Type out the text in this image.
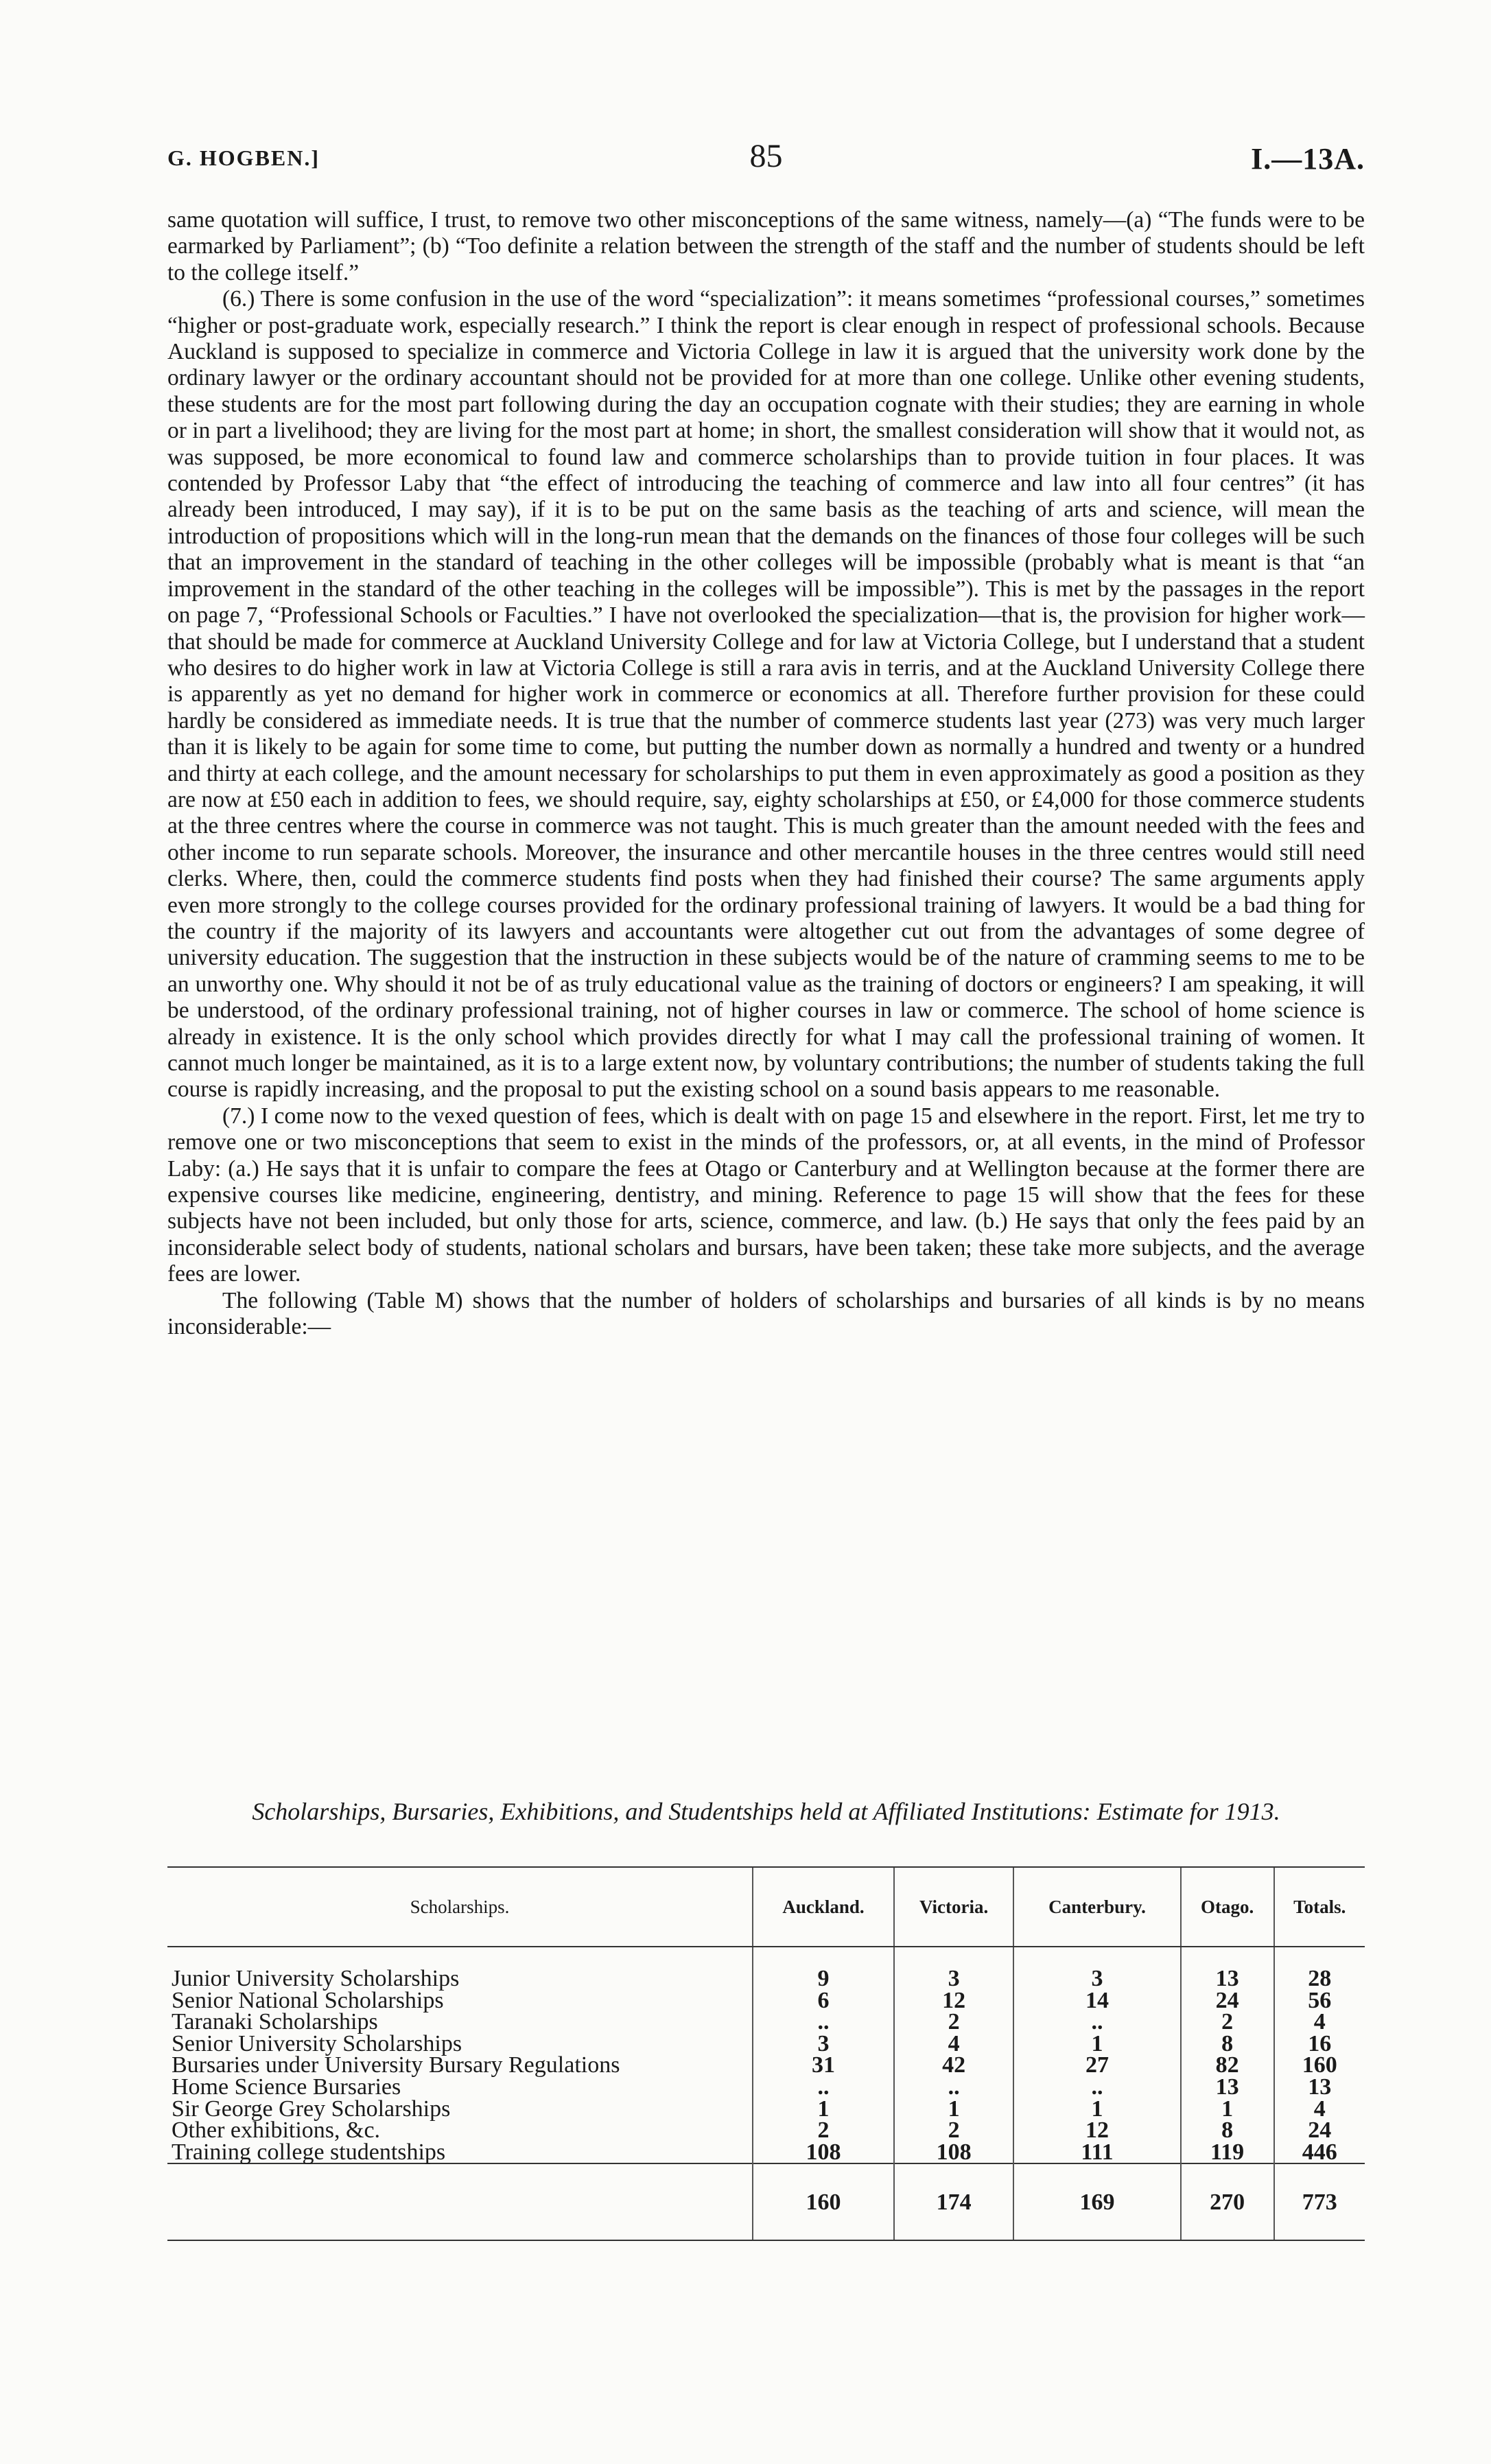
G. HOGBEN.]	85	I.—13A.

same quotation will suffice, I trust, to remove two other misconceptions of the same witness, namely—(a) “The funds were to be earmarked by Parliament”; (b) “Too definite a relation between the strength of the staff and the number of students should be left to the college itself.”

(6.) There is some confusion in the use of the word “specialization”: it means sometimes “professional courses,” sometimes “higher or post-graduate work, especially research.” I think the report is clear enough in respect of professional schools. Because Auckland is supposed to specialize in commerce and Victoria College in law it is argued that the university work done by the ordinary lawyer or the ordinary accountant should not be provided for at more than one college. Unlike other evening students, these students are for the most part following during the day an occupation cognate with their studies; they are earning in whole or in part a livelihood; they are living for the most part at home; in short, the smallest consideration will show that it would not, as was supposed, be more economical to found law and commerce scholarships than to provide tuition in four places. It was contended by Professor Laby that “the effect of introducing the teaching of commerce and law into all four centres” (it has already been introduced, I may say), if it is to be put on the same basis as the teaching of arts and science, will mean the introduction of propositions which will in the long-run mean that the demands on the finances of those four colleges will be such that an improvement in the standard of teaching in the other colleges will be impossible (probably what is meant is that “an improvement in the standard of the other teaching in the colleges will be impossible”). This is met by the passages in the report on page 7, “Professional Schools or Faculties.” I have not overlooked the specialization—that is, the provision for higher work—that should be made for commerce at Auckland University College and for law at Victoria College, but I understand that a student who desires to do higher work in law at Victoria College is still a rara avis in terris, and at the Auckland University College there is apparently as yet no demand for higher work in commerce or economics at all. Therefore further provision for these could hardly be considered as immediate needs. It is true that the number of commerce students last year (273) was very much larger than it is likely to be again for some time to come, but putting the number down as normally a hundred and twenty or a hundred and thirty at each college, and the amount necessary for scholarships to put them in even approximately as good a position as they are now at £50 each in addition to fees, we should require, say, eighty scholarships at £50, or £4,000 for those commerce students at the three centres where the course in commerce was not taught. This is much greater than the amount needed with the fees and other income to run separate schools. Moreover, the insurance and other mercantile houses in the three centres would still need clerks. Where, then, could the commerce students find posts when they had finished their course? The same arguments apply even more strongly to the college courses provided for the ordinary professional training of lawyers. It would be a bad thing for the country if the majority of its lawyers and accountants were altogether cut out from the advantages of some degree of university education. The suggestion that the instruction in these subjects would be of the nature of cramming seems to me to be an unworthy one. Why should it not be of as truly educational value as the training of doctors or engineers? I am speaking, it will be understood, of the ordinary professional training, not of higher courses in law or commerce. The school of home science is already in existence. It is the only school which provides directly for what I may call the professional training of women. It cannot much longer be maintained, as it is to a large extent now, by voluntary contributions; the number of students taking the full course is rapidly increasing, and the proposal to put the existing school on a sound basis appears to me reasonable.

(7.) I come now to the vexed question of fees, which is dealt with on page 15 and elsewhere in the report. First, let me try to remove one or two misconceptions that seem to exist in the minds of the professors, or, at all events, in the mind of Professor Laby: (a.) He says that it is unfair to compare the fees at Otago or Canterbury and at Wellington because at the former there are expensive courses like medicine, engineering, dentistry, and mining. Reference to page 15 will show that the fees for these subjects have not been included, but only those for arts, science, commerce, and law. (b.) He says that only the fees paid by an inconsiderable select body of students, national scholars and bursars, have been taken; these take more subjects, and the average fees are lower.

The following (Table M) shows that the number of holders of scholarships and bursaries of all kinds is by no means inconsiderable:—

Scholarships, Bursaries, Exhibitions, and Studentships held at Affiliated Institutions: Estimate for 1913.
Scholarships.	Auckland.	Victoria.	Canterbury.	Otago.	Totals.

Junior University Scholarships	9	3	3	13	28
Senior National Scholarships	6	12	14	24	56
Taranaki Scholarships	..	2	..	2	4
Senior University Scholarships	3	4	1	8	16
Bursaries under University Bursary Regulations	31	42	27	82	160
Home Science Bursaries	..	..	..	13	13
Sir George Grey Scholarships	1	1	1	1	4
Other exhibitions, &c.	2	2	12	8	24
Training college studentships	108	108	111	119	446
	160	174	169	270	773
